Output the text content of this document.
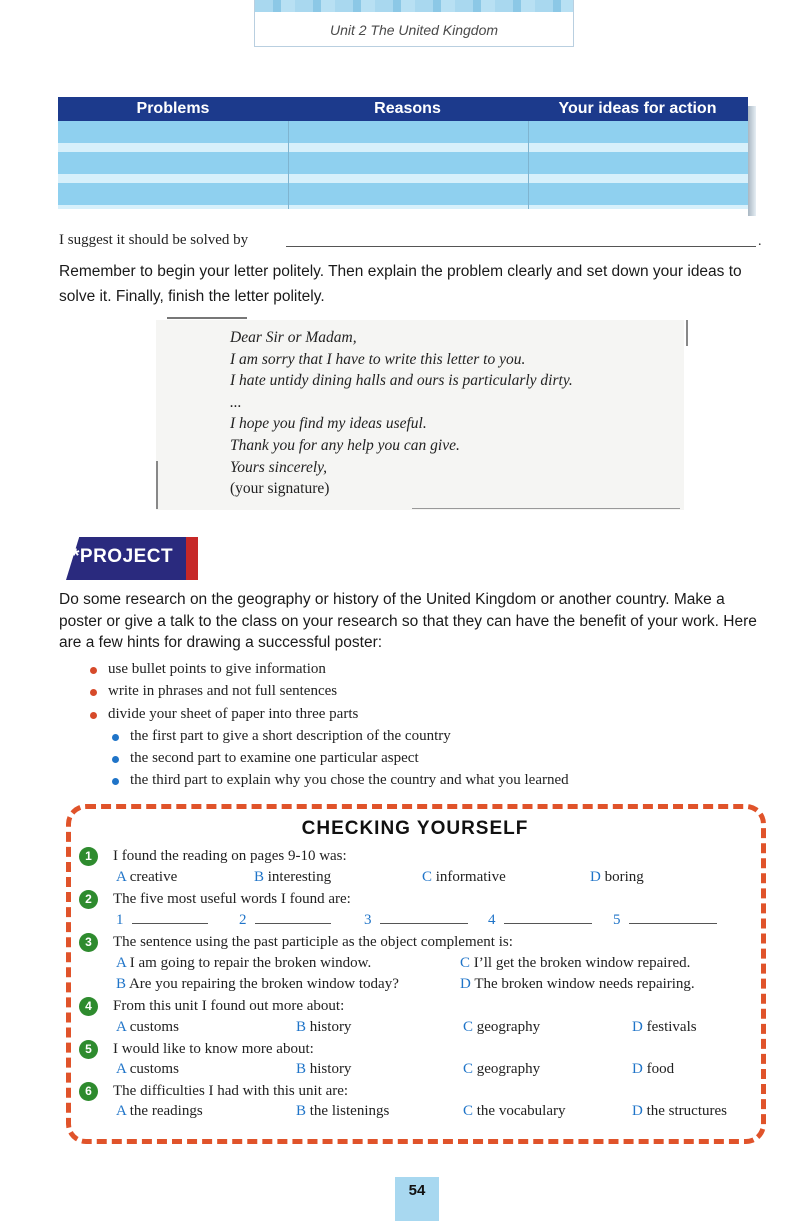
Unit 2 The United Kingdom
Problems	Reasons	Your ideas for action
I suggest it should be solved by	.
Remember to begin your letter politely. Then explain the problem clearly and set down your ideas to solve it. Finally, finish the letter politely.
Dear Sir or Madam,
I am sorry that I have to write this letter to you.
I hate untidy dining halls and ours is particularly dirty.
...
I hope you find my ideas useful.
Thank you for any help you can give.
Yours sincerely,
(your signature)
*PROJECT
Do some research on the geography or history of the United Kingdom or another country. Make a poster or give a talk to the class on your research so that they can have the benefit of your work. Here are a few hints for drawing a successful poster:
use bullet points to give information
write in phrases and not full sentences
divide your sheet of paper into three parts
the first part to give a short description of the country
the second part to examine one particular aspect
the third part to explain why you chose the country and what you learned
CHECKING YOURSELF
1 I found the reading on pages 9-10 was:
A creative	B interesting	C informative	D boring
2 The five most useful words I found are:
1	2	3	4	5
3 The sentence using the past participle as the object complement is:
A I am going to repair the broken window.	C I’ll get the broken window repaired.
B Are you repairing the broken window today?	D The broken window needs repairing.
4 From this unit I found out more about:
A customs	B history	C geography	D festivals
5 I would like to know more about:
A customs	B history	C geography	D food
6 The difficulties I had with this unit are:
A the readings	B the listenings	C the vocabulary	D the structures
54
